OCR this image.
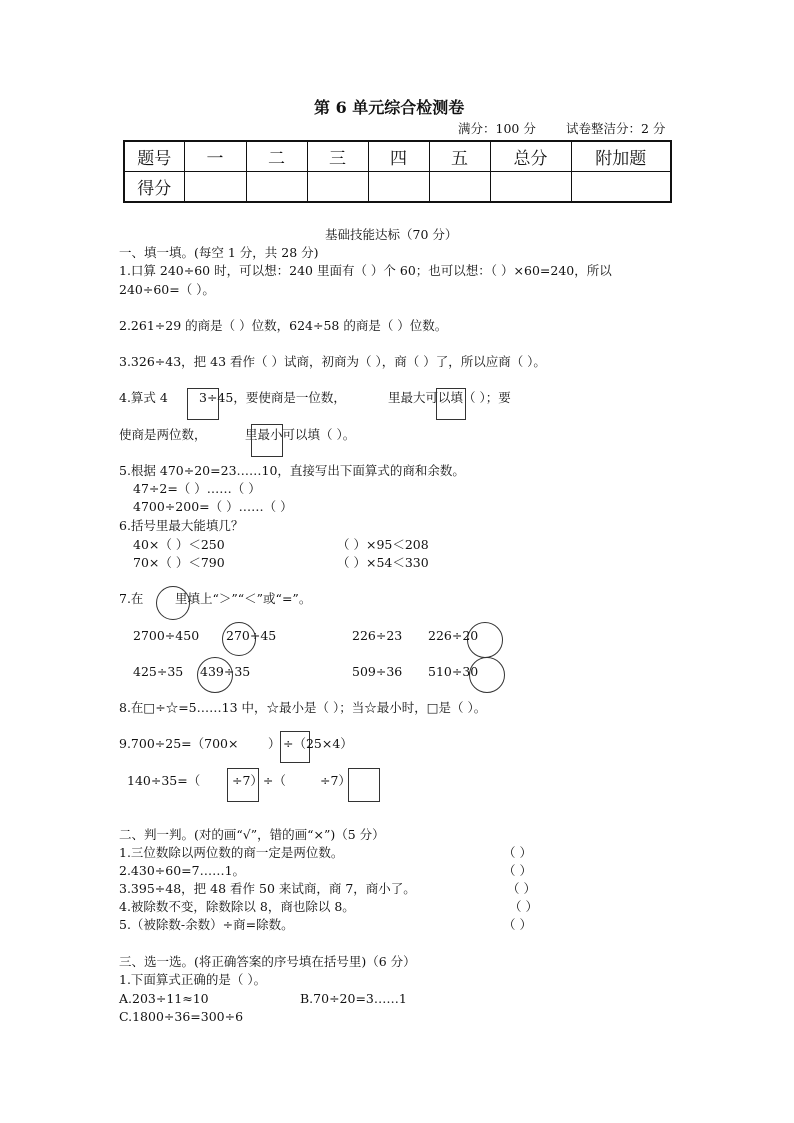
第 6 单元综合检测卷
满分：100 分 试卷整洁分：2 分
题号	一	二	三	四	五	总分	附加题
得分							
基础技能达标（70 分）
一、填一填。(每空 1 分，共 28 分)
1.口算 240÷60 时，可以想：240 里面有（ ）个 60；也可以想：（ ）×60=240，所以
240÷60=（ ）。
2.261÷29 的商是（ ）位数，624÷58 的商是（ ）位数。
3.326÷43，把 43 看作（ ）试商，初商为（ ），商（ ）了，所以应商（ ）。
4.算式 4 3÷45，要使商是一位数，	里最大可以填（ ）；要
使商是两位数，	里最小可以填（ ）。
5.根据 470÷20=23……10，直接写出下面算式的商和余数。
47÷2=（ ）……（ ）
4700÷200=（ ）……（ ）
6.括号里最大能填几？
40×（ ）＜250	（ ）×95＜208
70×（ ）＜790	（ ）×54＜330
7.在	里填上“＞”“＜”或“=”。
2700÷450 270÷45	226÷23 226÷20
425÷35 439÷35	509÷36 510÷30
8.在□÷☆=5……13 中，☆最小是（ ）；当☆最小时，□是（ ）。
9.700÷25=（700× ） ÷（25×4）
140÷35=（	÷7）÷（	÷7）
二、判一判。(对的画“√”，错的画“×”)（5 分）
1.三位数除以两位数的商一定是两位数。	（ ）
2.430÷60=7……1。	（ ）
3.395÷48，把 48 看作 50 来试商，商 7，商小了。	（ ）
4.被除数不变，除数除以 8，商也除以 8。	（ ）
5.（被除数-余数）÷商=除数。	（ ）
三、选一选。(将正确答案的序号填在括号里)（6 分）
1.下面算式正确的是（ ）。
A.203÷11≈10	B.70÷20=3……1
C.1800÷36=300÷6
